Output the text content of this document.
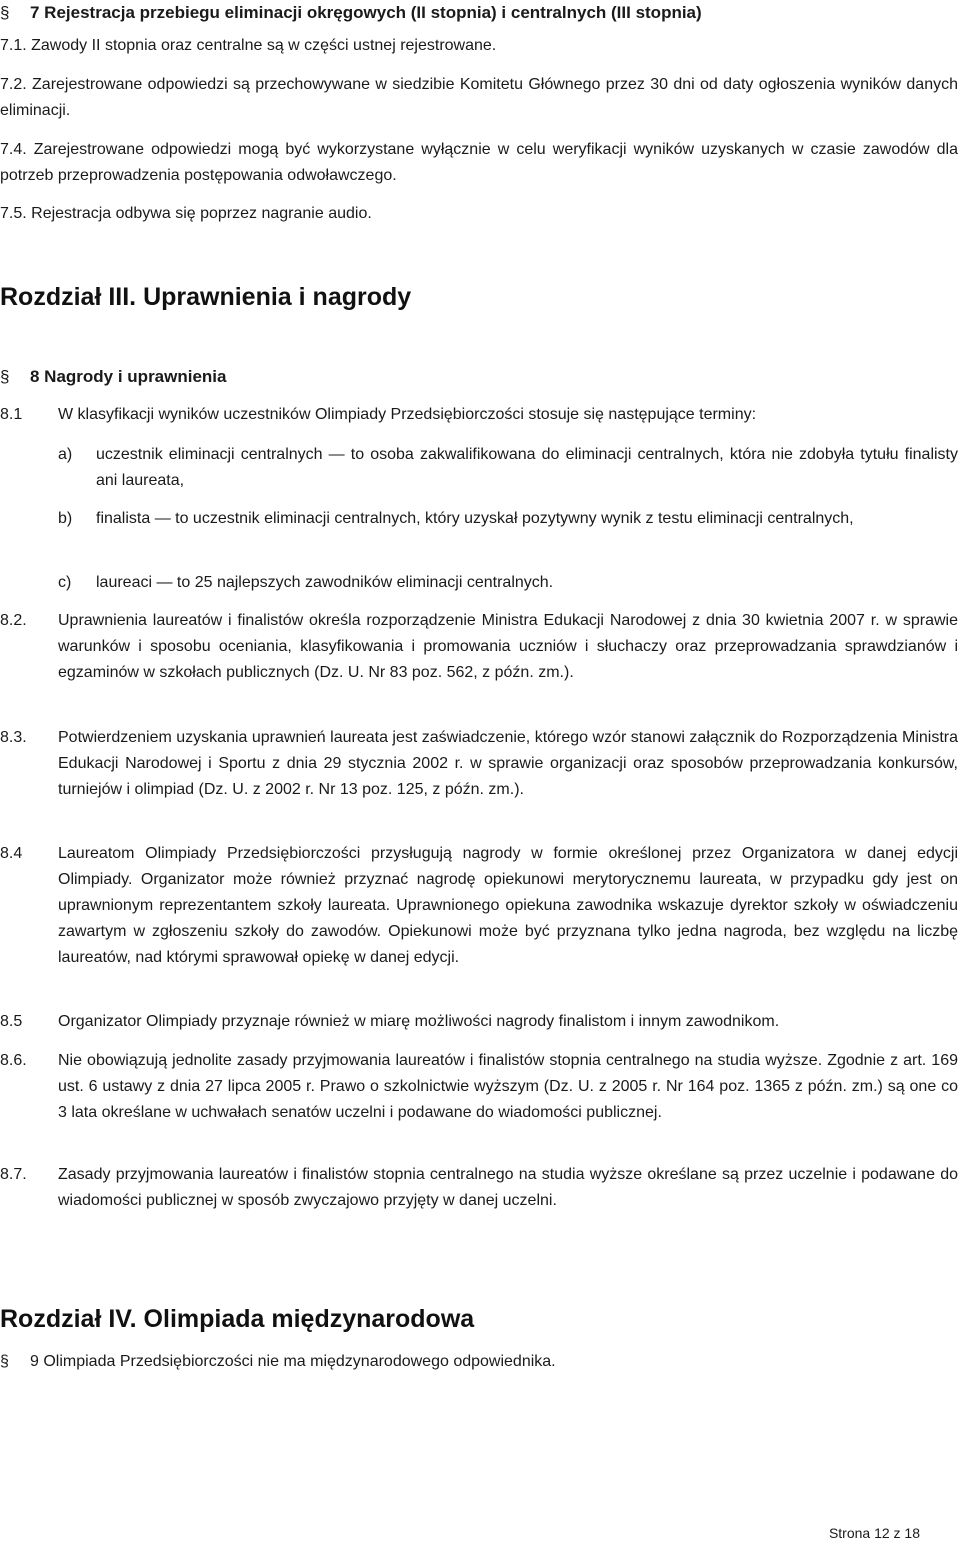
§ 7 Rejestracja przebiegu eliminacji okręgowych (II stopnia) i centralnych (III stopnia)

7.1. Zawody II stopnia oraz centralne są w części ustnej rejestrowane.

7.2. Zarejestrowane odpowiedzi są przechowywane w siedzibie Komitetu Głównego przez 30 dni od daty ogłoszenia wyników danych eliminacji.

7.4. Zarejestrowane odpowiedzi mogą być wykorzystane wyłącznie w celu weryfikacji wyników uzyskanych w czasie zawodów dla potrzeb przeprowadzenia postępowania odwoławczego.

7.5. Rejestracja odbywa się poprzez nagranie audio.

Rozdział III. Uprawnienia i nagrody

§ 8 Nagrody i uprawnienia

8.1 W klasyfikacji wyników uczestników Olimpiady Przedsiębiorczości stosuje się następujące terminy:

a) uczestnik eliminacji centralnych — to osoba zakwalifikowana do eliminacji centralnych, która nie zdobyła tytułu finalisty ani laureata,

b) finalista — to uczestnik eliminacji centralnych, który uzyskał pozytywny wynik z testu eliminacji centralnych,

c) laureaci — to 25 najlepszych zawodników eliminacji centralnych.

8.2. Uprawnienia laureatów i finalistów określa rozporządzenie Ministra Edukacji Narodowej z dnia 30 kwietnia 2007 r. w sprawie warunków i sposobu oceniania, klasyfikowania i promowania uczniów i słuchaczy oraz przeprowadzania sprawdzianów i egzaminów w szkołach publicznych (Dz. U. Nr 83 poz. 562, z późn. zm.).

8.3. Potwierdzeniem uzyskania uprawnień laureata jest zaświadczenie, którego wzór stanowi załącznik do Rozporządzenia Ministra Edukacji Narodowej i Sportu z dnia 29 stycznia 2002 r. w sprawie organizacji oraz sposobów przeprowadzania konkursów, turniejów i olimpiad (Dz. U. z 2002 r. Nr 13 poz. 125, z późn. zm.).

8.4 Laureatom Olimpiady Przedsiębiorczości przysługują nagrody w formie określonej przez Organizatora w danej edycji Olimpiady. Organizator może również przyznać nagrodę opiekunowi merytorycznemu laureata, w przypadku gdy jest on uprawnionym reprezentantem szkoły laureata. Uprawnionego opiekuna zawodnika wskazuje dyrektor szkoły w oświadczeniu zawartym w zgłoszeniu szkoły do zawodów. Opiekunowi może być przyznana tylko jedna nagroda, bez względu na liczbę laureatów, nad którymi sprawował opiekę w danej edycji.

8.5 Organizator Olimpiady przyznaje również w miarę możliwości nagrody finalistom i innym zawodnikom.

8.6. Nie obowiązują jednolite zasady przyjmowania laureatów i finalistów stopnia centralnego na studia wyższe. Zgodnie z art. 169 ust. 6 ustawy z dnia 27 lipca 2005 r. Prawo o szkolnictwie wyższym (Dz. U. z 2005 r. Nr 164 poz. 1365 z późn. zm.) są one co 3 lata określane w uchwałach senatów uczelni i podawane do wiadomości publicznej.

8.7. Zasady przyjmowania laureatów i finalistów stopnia centralnego na studia wyższe określane są przez uczelnie i podawane do wiadomości publicznej w sposób zwyczajowo przyjęty w danej uczelni.

Rozdział IV. Olimpiada międzynarodowa

§ 9 Olimpiada Przedsiębiorczości nie ma międzynarodowego odpowiednika.

Strona 12 z 18
